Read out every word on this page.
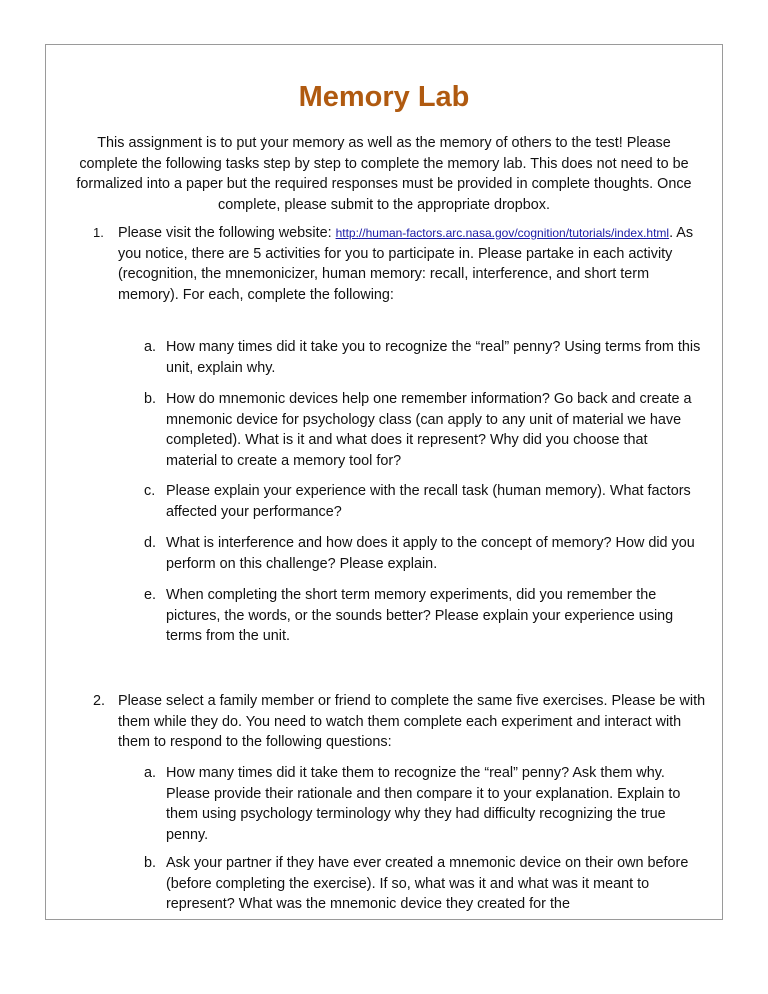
Memory Lab
This assignment is to put your memory as well as the memory of others to the test! Please complete the following tasks step by step to complete the memory lab. This does not need to be formalized into a paper but the required responses must be provided in complete thoughts. Once complete, please submit to the appropriate dropbox.
1. Please visit the following website: http://human-factors.arc.nasa.gov/cognition/tutorials/index.html. As you notice, there are 5 activities for you to participate in. Please partake in each activity (recognition, the mnemonicizer, human memory: recall, interference, and short term memory). For each, complete the following:
a. How many times did it take you to recognize the “real” penny? Using terms from this unit, explain why.
b. How do mnemonic devices help one remember information? Go back and create a mnemonic device for psychology class (can apply to any unit of material we have completed). What is it and what does it represent? Why did you choose that material to create a memory tool for?
c. Please explain your experience with the recall task (human memory). What factors affected your performance?
d. What is interference and how does it apply to the concept of memory? How did you perform on this challenge? Please explain.
e. When completing the short term memory experiments, did you remember the pictures, the words, or the sounds better? Please explain your experience using terms from the unit.
2. Please select a family member or friend to complete the same five exercises. Please be with them while they do. You need to watch them complete each experiment and interact with them to respond to the following questions:
a. How many times did it take them to recognize the “real” penny? Ask them why. Please provide their rationale and then compare it to your explanation. Explain to them using psychology terminology why they had difficulty recognizing the true penny.
b. Ask your partner if they have ever created a mnemonic device on their own before (before completing the exercise). If so, what was it and what was it meant to represent? What was the mnemonic device they created for the
